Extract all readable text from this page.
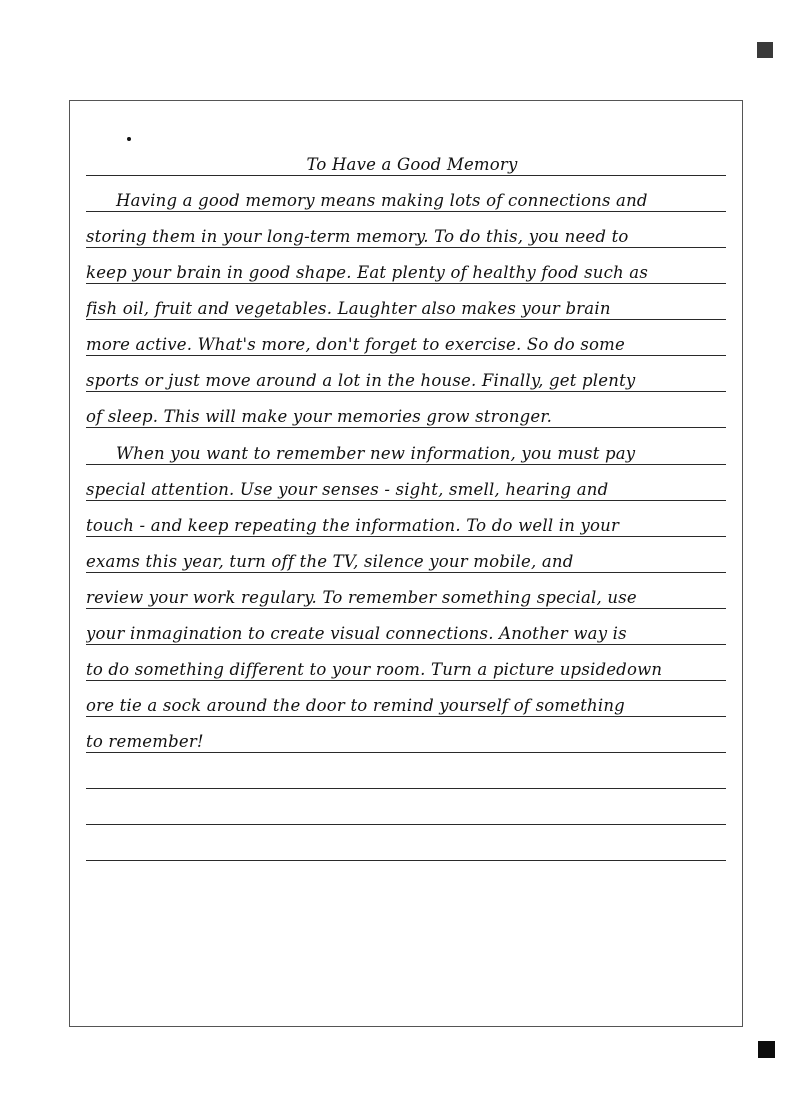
To Have a Good Memory
Having a good memory means making lots of connections and
storing them in your long-term memory. To do this, you need to
keep your brain in good shape. Eat plenty of healthy food such as
fish oil, fruit and vegetables. Laughter also makes your brain
more active. What's more, don't forget to exercise. So do some
sports or just move around a lot in the house. Finally, get plenty
of sleep. This will make your memories grow stronger.
When you want to remember new information, you must pay
special attention. Use your senses - sight, smell, hearing and
touch - and keep repeating the information. To do well in your
exams this year, turn off the TV, silence your mobile, and
review your work regulary. To remember something special, use
your inmagination to create visual connections. Another way is
to do something different to your room. Turn a picture upsidedown
ore tie a sock around the door to remind yourself of something
to remember!
